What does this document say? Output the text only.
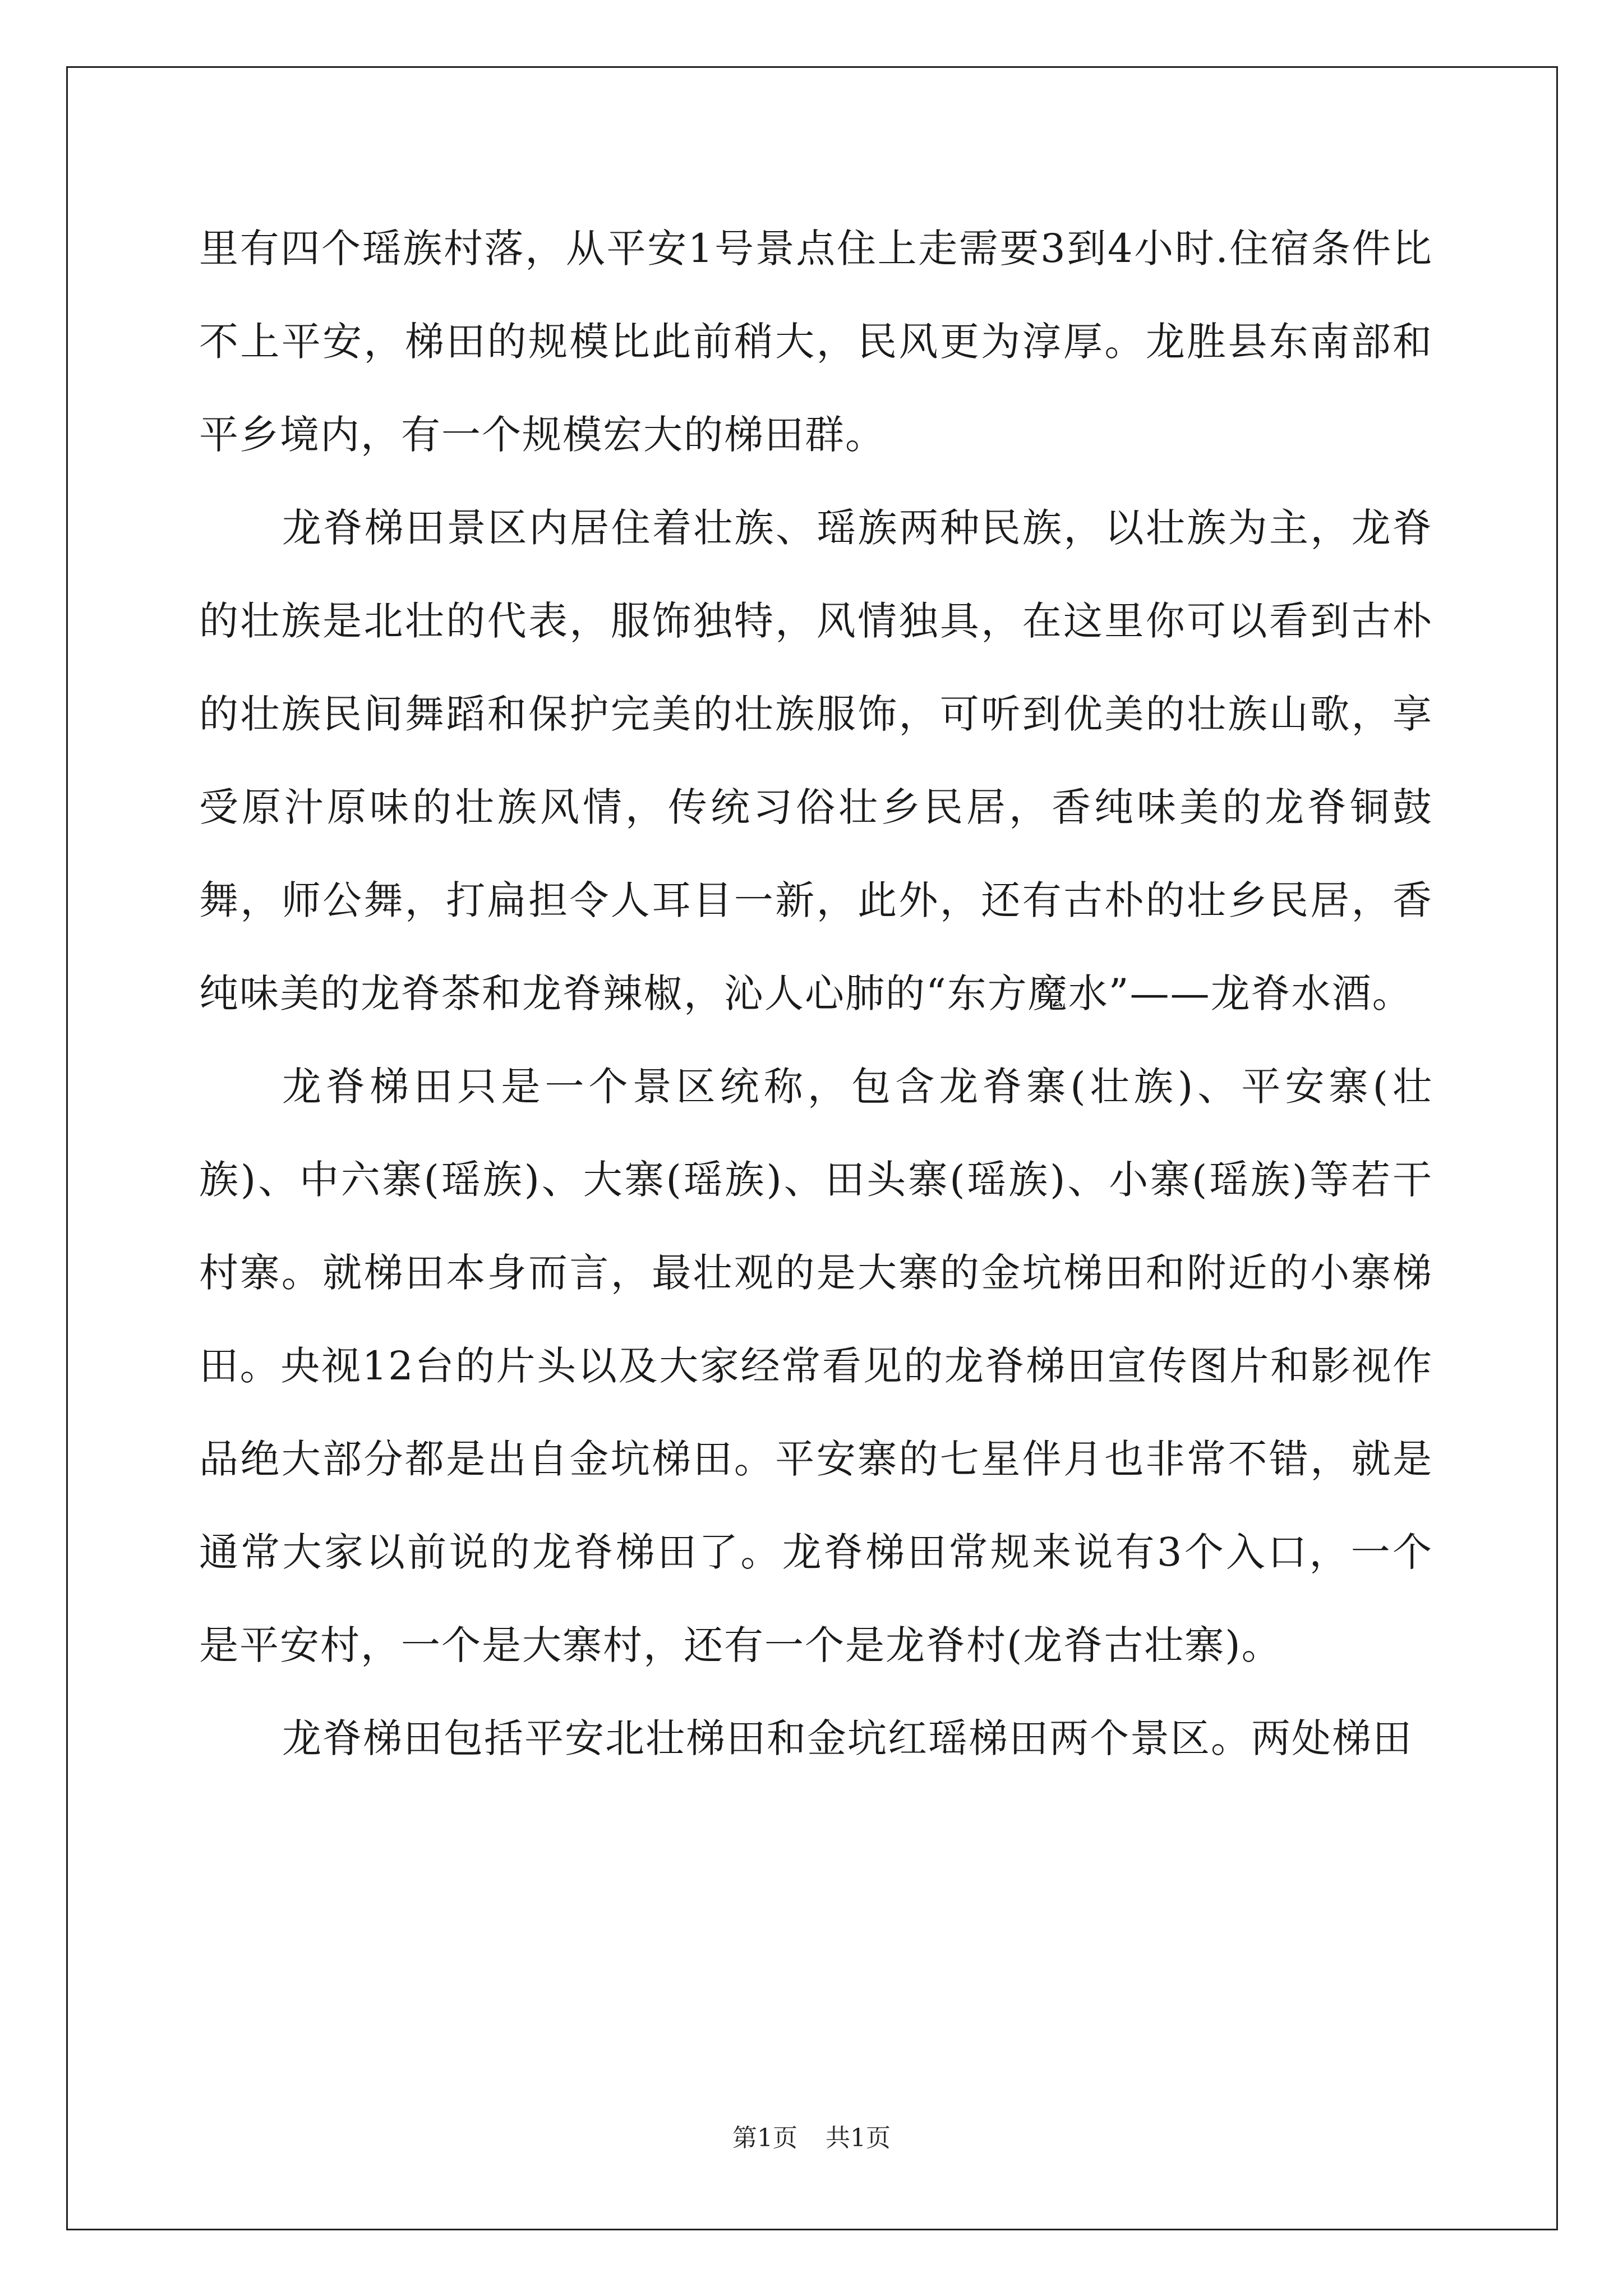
里有四个瑶族村落，从平安1号景点住上走需要3到4小时.住宿条件比不上平安，梯田的规模比此前稍大，民风更为淳厚。龙胜县东南部和平乡境内，有一个规模宏大的梯田群。

龙脊梯田景区内居住着壮族、瑶族两种民族，以壮族为主，龙脊的壮族是北壮的代表，服饰独特，风情独具，在这里你可以看到古朴的壮族民间舞蹈和保护完美的壮族服饰，可听到优美的壮族山歌，享受原汁原味的壮族风情，传统习俗壮乡民居，香纯味美的龙脊铜鼓舞，师公舞，打扁担令人耳目一新，此外，还有古朴的壮乡民居，香纯味美的龙脊茶和龙脊辣椒，沁人心肺的“东方魔水”——龙脊水酒。

龙脊梯田只是一个景区统称，包含龙脊寨(壮族)、平安寨(壮族)、中六寨(瑶族)、大寨(瑶族)、田头寨(瑶族)、小寨(瑶族)等若干村寨。就梯田本身而言，最壮观的是大寨的金坑梯田和附近的小寨梯田。央视12台的片头以及大家经常看见的龙脊梯田宣传图片和影视作品绝大部分都是出自金坑梯田。平安寨的七星伴月也非常不错，就是通常大家以前说的龙脊梯田了。龙脊梯田常规来说有3个入口，一个是平安村，一个是大寨村，还有一个是龙脊村(龙脊古壮寨)。

龙脊梯田包括平安北壮梯田和金坑红瑶梯田两个景区。两处梯田

第1页 共1页
